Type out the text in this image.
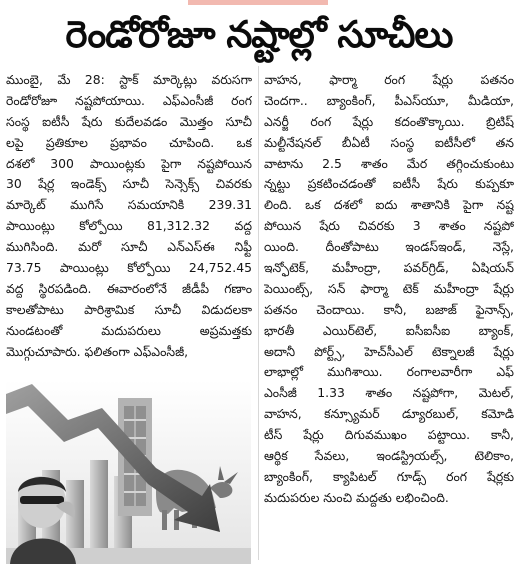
రెండోరోజూ నష్టాల్లో సూచీలు
ముంబై, మే 28: స్టాక్ మార్కెట్లు వరుసగా
రెండోరోజూ నష్టపోయాయి. ఎఫ్ఎంసీజీ రంగ
సంస్థ ఐటీసీ షేరు కుదేలవడం మొత్తం సూచీ
లపై ప్రతికూల ప్రభావం చూపింది. ఒక
దశలో 300 పాయింట్లకు పైగా నష్టపోయిన
30 షేర్ల ఇండెక్స్ సూచీ సెన్సెక్స్ చివరకు
మార్కెట్ ముగిసే సమయానికి 239.31
పాయింట్లు కోల్పోయి 81,312.32 వద్ద
ముగిసింది. మరో సూచీ ఎన్ఎస్ఈ నిఫ్టీ
73.75 పాయింట్లు కోల్పోయి 24,752.45
వద్ద స్థిరపడింది. ఈవారంలోనే జీడీపీ గణాం
కాలతోపాటు పారిశ్రామిక సూచీ విడుదలకా
నుండటంతో మదుపరులు అప్రమత్తకు
మొగ్గుచూపారు. ఫలితంగా ఎఫ్ఎంసీజీ,
వాహన, ఫార్మా రంగ షేర్లు పతనం
చెందగా.. బ్యాంకింగ్, పీఎస్‌యూ, మీడియా,
ఎనర్జీ రంగ షేర్లు కదంతొక్కాయి. బ్రిటిష్
మల్టీనేషనల్ బీఏటీ సంస్థ ఐటీసీలో తన
వాటాను 2.5 శాతం మేర తగ్గించుకుంటు
న్నట్టు ప్రకటించడంతో ఐటీసీ షేరు కుప్పకూ
లింది. ఒక దశలో ఐదు శాతానికి పైగా నష్ట
పోయిన షేరు చివరకు 3 శాతం నష్టపో
యింది. దీంతోపాటు ఇండస్‌ఇండ్, నెస్లే,
ఇన్ఫోటెక్, మహీంద్రా, పవర్‌గ్రిడ్, ఏషియన్
పెయింట్స్, సన్ ఫార్మా టెక్ మహీంద్రా షేర్లు
పతనం చెందాయి. కానీ, బజాజ్ ఫైనాన్స్,
భారతీ ఎయిర్‌టెల్, ఐసీఐసీఐ బ్యాంక్,
అదానీ పోర్ట్స్, హెచ్‌సీఎల్ టెక్నాలజీ షేర్లు
లాభాల్లో ముగిశాయి. రంగాలవారీగా ఎఫ్
ఎంసీజీ 1.33 శాతం నష్టపోగా, మెటల్,
వాహన, కన్స్యూమర్ డ్యూరబుల్, కమోడి
టీస్ షేర్లు దిగువముఖం పట్టాయి. కానీ,
ఆర్థిక సేవలు, ఇండస్ట్రియల్స్, టెలికాం,
బ్యాంకింగ్, క్యాపిటల్ గూడ్స్ రంగ షేర్లకు
మదుపరుల నుంచి మద్దతు లభించింది.
